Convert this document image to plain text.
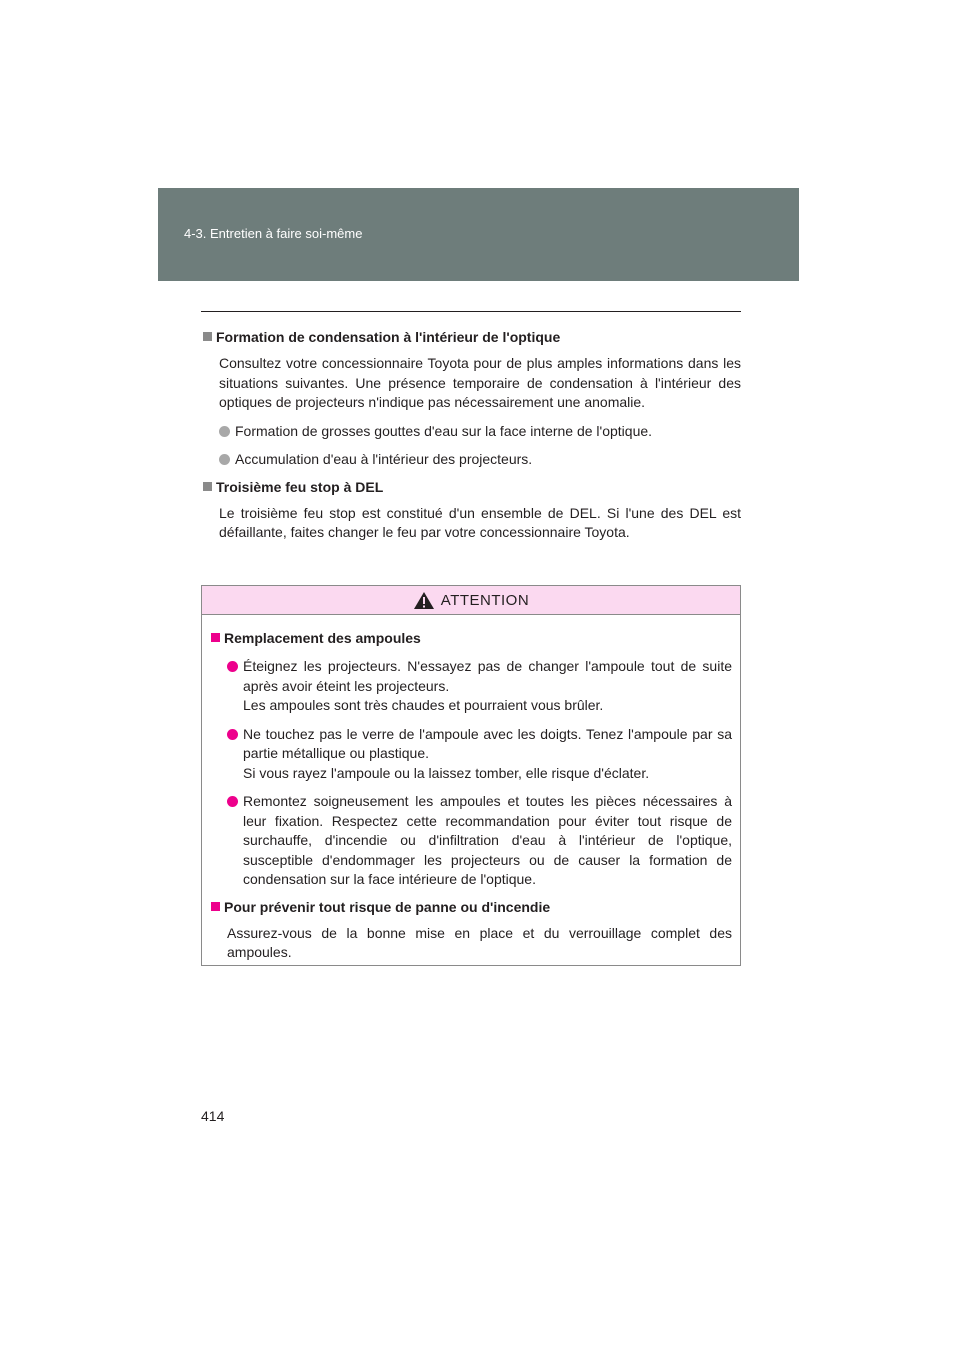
4-3. Entretien à faire soi-même
Formation de condensation à l'intérieur de l'optique
Consultez votre concessionnaire Toyota pour de plus amples informations dans les situations suivantes. Une présence temporaire de condensation à l'intérieur des optiques de projecteurs n'indique pas nécessairement une anomalie.
Formation de grosses gouttes d'eau sur la face interne de l'optique.
Accumulation d'eau à l'intérieur des projecteurs.
Troisième feu stop à DEL
Le troisième feu stop est constitué d'un ensemble de DEL. Si l'une des DEL est défaillante, faites changer le feu par votre concessionnaire Toyota.
ATTENTION
Remplacement des ampoules
Éteignez les projecteurs. N'essayez pas de changer l'ampoule tout de suite après avoir éteint les projecteurs.
Les ampoules sont très chaudes et pourraient vous brûler.
Ne touchez pas le verre de l'ampoule avec les doigts. Tenez l'ampoule par sa partie métallique ou plastique.
Si vous rayez l'ampoule ou la laissez tomber, elle risque d'éclater.
Remontez soigneusement les ampoules et toutes les pièces nécessaires à leur fixation. Respectez cette recommandation pour éviter tout risque de surchauffe, d'incendie ou d'infiltration d'eau à l'intérieur de l'optique, susceptible d'endommager les projecteurs ou de causer la formation de condensation sur la face intérieure de l'optique.
Pour prévenir tout risque de panne ou d'incendie
Assurez-vous de la bonne mise en place et du verrouillage complet des ampoules.
414
